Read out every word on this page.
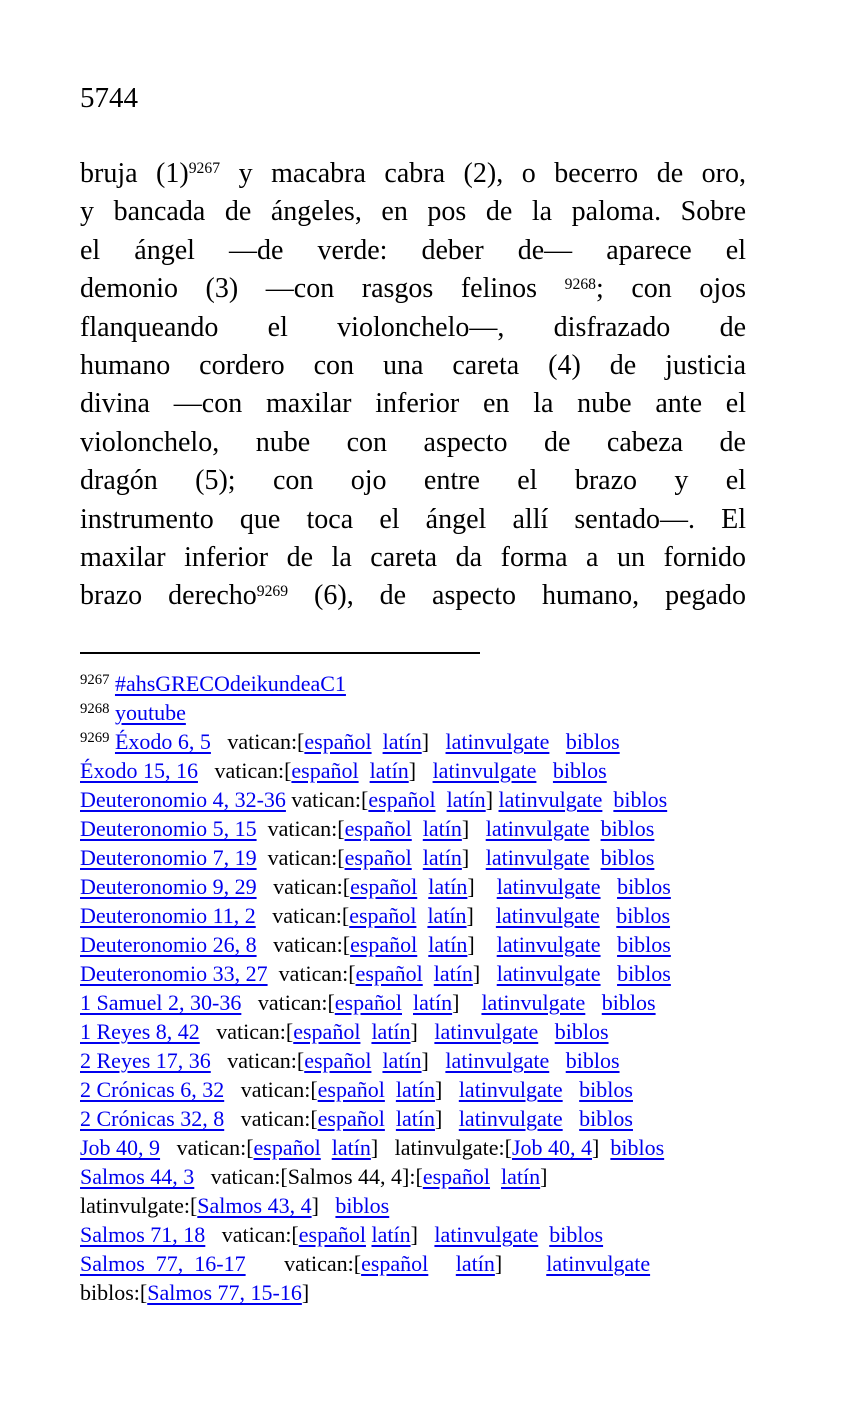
5744
bruja $(1)^{9267}$ y macabra cabra (2), o becerro de oro,
y bancada de ángeles, en pos de la paloma. Sobre
el ángel —de verde: deber de— aparece el
demonio (3) —con rasgos felinos $^{9268}$; con ojos
flanqueando el violonchelo—, disfrazado de
humano cordero con una careta (4) de justicia
divina —con maxilar inferior en la nube ante el
violonchelo, nube con aspecto de cabeza de
dragón (5); con ojo entre el brazo y el
instrumento que toca el ángel allí sentado—. El
maxilar inferior de la careta da forma a un fornido
brazo derecho$^{9269}$ (6), de aspecto humano, pegado
$^{9267}$ #ahsGRECOdeikundeaC1
$^{9268}$ youtube
$^{9269}$ Éxodo 6, 5   vatican:[español latín]   latinvulgate biblos
Éxodo 15, 16   vatican:[español latín]   latinvulgate biblos
Deuteronomio 4, 32-36 vatican:[español latín] latinvulgate biblos
Deuteronomio 5, 15  vatican:[español latín]   latinvulgate biblos
Deuteronomio 7, 19  vatican:[español latín]   latinvulgate biblos
Deuteronomio 9, 29   vatican:[español latín]    latinvulgate biblos
Deuteronomio 11, 2   vatican:[español latín]    latinvulgate biblos
Deuteronomio 26, 8   vatican:[español latín]    latinvulgate biblos
Deuteronomio 33, 27  vatican:[español latín]   latinvulgate biblos
1 Samuel 2, 30-36   vatican:[español latín]    latinvulgate biblos
1 Reyes 8, 42   vatican:[español latín]   latinvulgate biblos
2 Reyes 17, 36   vatican:[español latín]   latinvulgate biblos
2 Crónicas 6, 32   vatican:[español latín]   latinvulgate biblos
2 Crónicas 32, 8   vatican:[español latín]   latinvulgate biblos
Job 40, 9   vatican:[español latín]   latinvulgate:[Job 40, 4]  biblos
Salmos 44, 3   vatican:[Salmos 44, 4]:[español latín]
latinvulgate:[Salmos 43, 4]   biblos
Salmos 71, 18   vatican:[español latín]   latinvulgate biblos
Salmos  77,  16-17       vatican:[español latín]        latinvulgate
biblos:[Salmos 77, 15-16]
